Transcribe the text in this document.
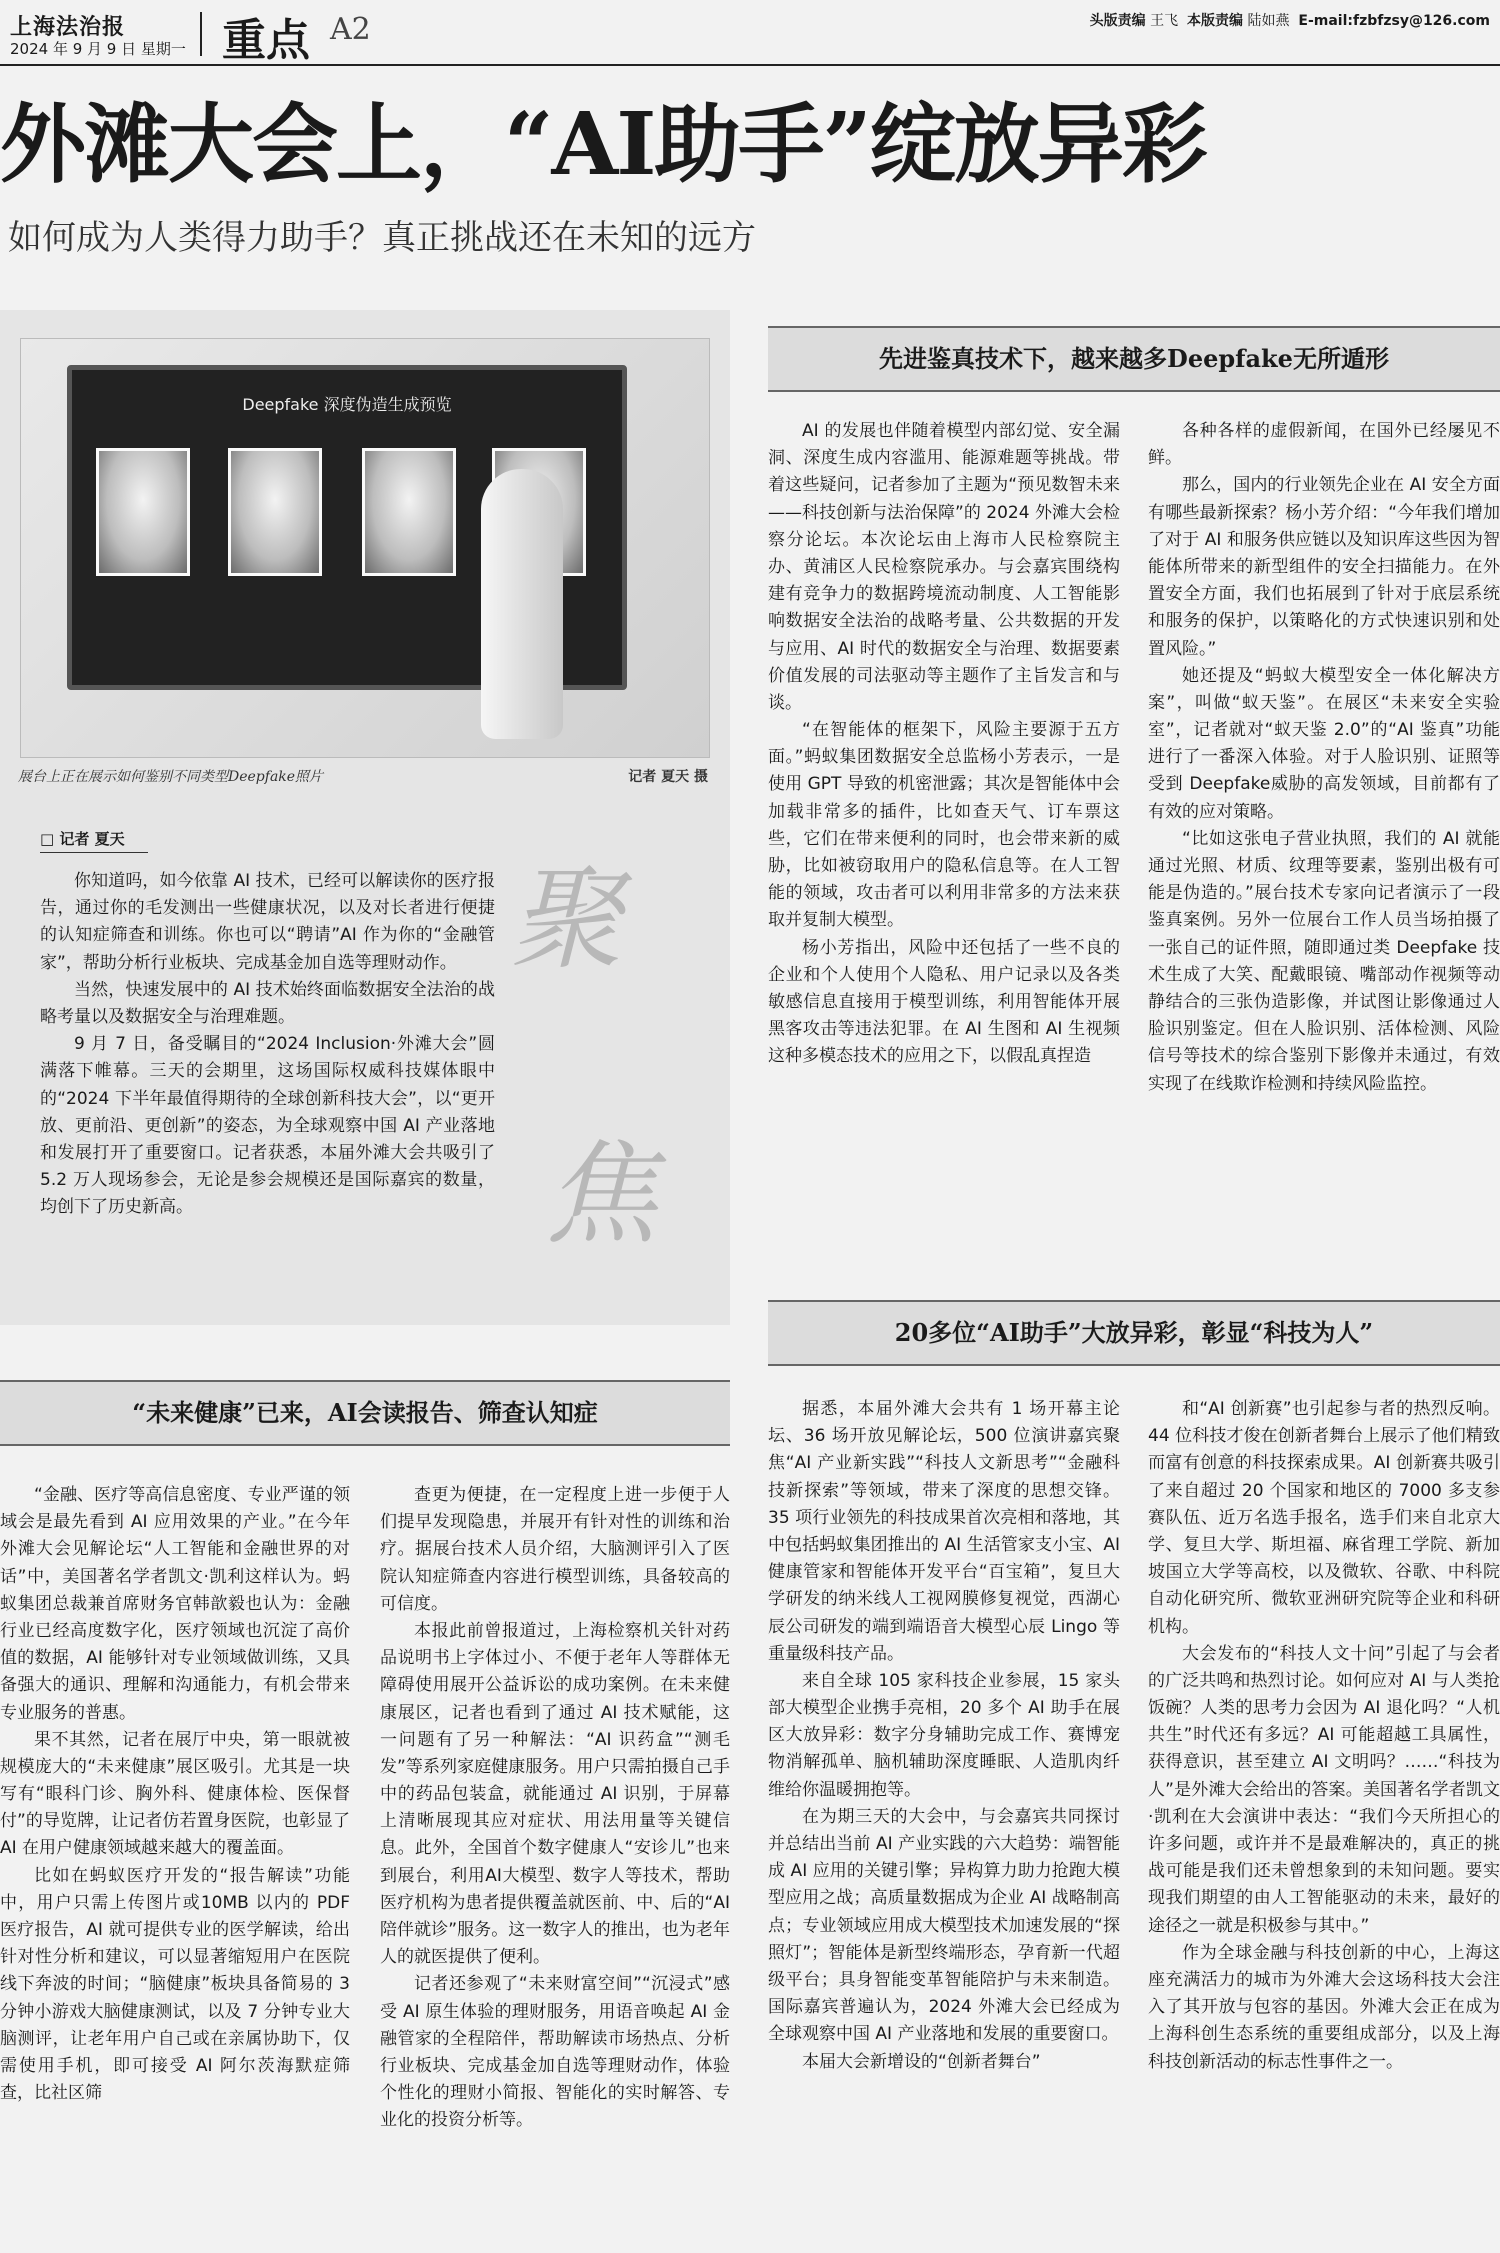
上海法治报
2024 年 9 月 9 日 星期一 重点 A2	头版责编 王飞 本版责编 陆如燕 E-mail:fzbfzsy@126.com
外滩大会上，“AI助手”绽放异彩
如何成为人类得力助手？真正挑战还在未知的远方
Deepfake 深度伪造生成预览
展台上正在展示如何鉴别不同类型Deepfake照片	记者 夏天 摄
□ 记者 夏天

你知道吗，如今依靠 AI 技术，已经可以解读你的医疗报告，通过你的毛发测出一些健康状况，以及对长者进行便捷的认知症筛查和训练。你也可以“聘请”AI 作为你的“金融管家”，帮助分析行业板块、完成基金加自选等理财动作。

当然，快速发展中的 AI 技术始终面临数据安全法治的战略考量以及数据安全与治理难题。

9 月 7 日，备受瞩目的“2024 Inclusion·外滩大会”圆满落下帷幕。三天的会期里，这场国际权威科技媒体眼中的“2024 下半年最值得期待的全球创新科技大会”，以“更开放、更前沿、更创新”的姿态，为全球观察中国 AI 产业落地和发展打开了重要窗口。记者获悉，本届外滩大会共吸引了 5.2 万人现场参会，无论是参会规模还是国际嘉宾的数量，均创下了历史新高。

聚
焦
先进鉴真技术下，越来越多Deepfake无所遁形

AI 的发展也伴随着模型内部幻觉、安全漏洞、深度生成内容滥用、能源难题等挑战。带着这些疑问，记者参加了主题为“预见数智未来——科技创新与法治保障”的 2024 外滩大会检察分论坛。本次论坛由上海市人民检察院主办、黄浦区人民检察院承办。与会嘉宾围绕构建有竞争力的数据跨境流动制度、人工智能影响数据安全法治的战略考量、公共数据的开发与应用、AI 时代的数据安全与治理、数据要素价值发展的司法驱动等主题作了主旨发言和与谈。

“在智能体的框架下，风险主要源于五方面。”蚂蚁集团数据安全总监杨小芳表示，一是使用 GPT 导致的机密泄露；其次是智能体中会加载非常多的插件，比如查天气、订车票这些，它们在带来便利的同时，也会带来新的威胁，比如被窃取用户的隐私信息等。在人工智能的领域，攻击者可以利用非常多的方法来获取并复制大模型。

杨小芳指出，风险中还包括了一些不良的企业和个人使用个人隐私、用户记录以及各类敏感信息直接用于模型训练，利用智能体开展黑客攻击等违法犯罪。在 AI 生图和 AI 生视频这种多模态技术的应用之下，以假乱真捏造

各种各样的虚假新闻，在国外已经屡见不鲜。

那么，国内的行业领先企业在 AI 安全方面有哪些最新探索？杨小芳介绍：“今年我们增加了对于 AI 和服务供应链以及知识库这些因为智能体所带来的新型组件的安全扫描能力。在外置安全方面，我们也拓展到了针对于底层系统和服务的保护，以策略化的方式快速识别和处置风险。”

她还提及“蚂蚁大模型安全一体化解决方案”，叫做“蚁天鉴”。在展区“未来安全实验室”，记者就对“蚁天鉴 2.0”的“AI 鉴真”功能进行了一番深入体验。对于人脸识别、证照等受到 Deepfake威胁的高发领域，目前都有了有效的应对策略。

“比如这张电子营业执照，我们的 AI 就能通过光照、材质、纹理等要素，鉴别出极有可能是伪造的。”展台技术专家向记者演示了一段鉴真案例。另外一位展台工作人员当场拍摄了一张自己的证件照，随即通过类 Deepfake 技术生成了大笑、配戴眼镜、嘴部动作视频等动静结合的三张伪造影像，并试图让影像通过人脸识别鉴定。但在人脸识别、活体检测、风险信号等技术的综合鉴别下影像并未通过，有效实现了在线欺诈检测和持续风险监控。

20多位“AI助手”大放异彩，彰显“科技为人”

据悉，本届外滩大会共有 1 场开幕主论坛、36 场开放见解论坛，500 位演讲嘉宾聚焦“AI 产业新实践”“科技人文新思考”“金融科技新探索”等领域，带来了深度的思想交锋。35 项行业领先的科技成果首次亮相和落地，其中包括蚂蚁集团推出的 AI 生活管家支小宝、AI 健康管家和智能体开发平台“百宝箱”，复旦大学研发的纳米线人工视网膜修复视觉，西湖心辰公司研发的端到端语音大模型心辰 Lingo 等重量级科技产品。

来自全球 105 家科技企业参展，15 家头部大模型企业携手亮相，20 多个 AI 助手在展区大放异彩：数字分身辅助完成工作、赛博宠物消解孤单、脑机辅助深度睡眠、人造肌肉纤维给你温暖拥抱等。

在为期三天的大会中，与会嘉宾共同探讨并总结出当前 AI 产业实践的六大趋势：端智能成 AI 应用的关键引擎；异构算力助力抢跑大模型应用之战；高质量数据成为企业 AI 战略制高点；专业领域应用成大模型技术加速发展的“探照灯”；智能体是新型终端形态，孕育新一代超级平台；具身智能变革智能陪护与未来制造。国际嘉宾普遍认为，2024 外滩大会已经成为全球观察中国 AI 产业落地和发展的重要窗口。

本届大会新增设的“创新者舞台”

和“AI 创新赛”也引起参与者的热烈反响。44 位科技才俊在创新者舞台上展示了他们精致而富有创意的科技探索成果。AI 创新赛共吸引了来自超过 20 个国家和地区的 7000 多支参赛队伍、近万名选手报名，选手们来自北京大学、复旦大学、斯坦福、麻省理工学院、新加坡国立大学等高校，以及微软、谷歌、中科院自动化研究所、微软亚洲研究院等企业和科研机构。

大会发布的“科技人文十问”引起了与会者的广泛共鸣和热烈讨论。如何应对 AI 与人类抢饭碗？人类的思考力会因为 AI 退化吗？“人机共生”时代还有多远？AI 可能超越工具属性，获得意识，甚至建立 AI 文明吗？……“科技为人”是外滩大会给出的答案。美国著名学者凯文·凯利在大会演讲中表达：“我们今天所担心的许多问题，或许并不是最难解决的，真正的挑战可能是我们还未曾想象到的未知问题。要实现我们期望的由人工智能驱动的未来，最好的途径之一就是积极参与其中。”

作为全球金融与科技创新的中心，上海这座充满活力的城市为外滩大会这场科技大会注入了其开放与包容的基因。外滩大会正在成为上海科创生态系统的重要组成部分，以及上海科技创新活动的标志性事件之一。

“未来健康”已来，AI会读报告、筛查认知症

“金融、医疗等高信息密度、专业严谨的领域会是最先看到 AI 应用效果的产业。”在今年外滩大会见解论坛“人工智能和金融世界的对话”中，美国著名学者凯文·凯利这样认为。蚂蚁集团总裁兼首席财务官韩歆毅也认为：金融行业已经高度数字化，医疗领域也沉淀了高价值的数据，AI 能够针对专业领域做训练，又具备强大的通识、理解和沟通能力，有机会带来专业服务的普惠。

果不其然，记者在展厅中央，第一眼就被规模庞大的“未来健康”展区吸引。尤其是一块写有“眼科门诊、胸外科、健康体检、医保督付”的导览牌，让记者仿若置身医院，也彰显了 AI 在用户健康领域越来越大的覆盖面。

比如在蚂蚁医疗开发的“报告解读”功能中，用户只需上传图片或10MB 以内的 PDF 医疗报告，AI 就可提供专业的医学解读，给出针对性分析和建议，可以显著缩短用户在医院线下奔波的时间；“脑健康”板块具备简易的 3 分钟小游戏大脑健康测试，以及 7 分钟专业大脑测评，让老年用户自己或在亲属协助下，仅需使用手机，即可接受 AI 阿尔茨海默症筛查，比社区筛

查更为便捷，在一定程度上进一步便于人们提早发现隐患，并展开有针对性的训练和治疗。据展台技术人员介绍，大脑测评引入了医院认知症筛查内容进行模型训练，具备较高的可信度。

本报此前曾报道过，上海检察机关针对药品说明书上字体过小、不便于老年人等群体无障碍使用展开公益诉讼的成功案例。在未来健康展区，记者也看到了通过 AI 技术赋能，这一问题有了另一种解法：“AI 识药盒”“测毛发”等系列家庭健康服务。用户只需拍摄自己手中的药品包装盒，就能通过 AI 识别，于屏幕上清晰展现其应对症状、用法用量等关键信息。此外，全国首个数字健康人“安诊儿”也来到展台，利用AI大模型、数字人等技术，帮助医疗机构为患者提供覆盖就医前、中、后的“AI 陪伴就诊”服务。这一数字人的推出，也为老年人的就医提供了便利。

记者还参观了“未来财富空间”“沉浸式”感受 AI 原生体验的理财服务，用语音唤起 AI 金融管家的全程陪伴，帮助解读市场热点、分析行业板块、完成基金加自选等理财动作，体验个性化的理财小简报、智能化的实时解答、专业化的投资分析等。
